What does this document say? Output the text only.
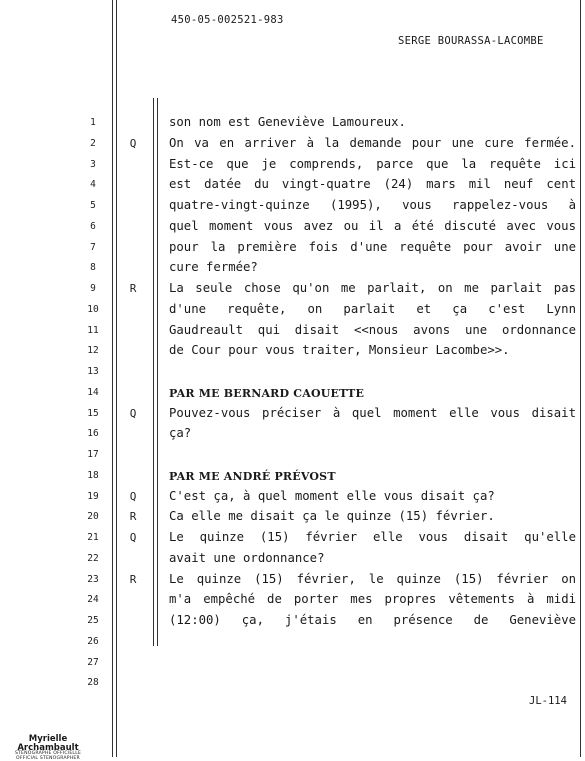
450-05-002521-983
SERGE BOURASSA-LACOMBE
1	son nom est Geneviève Lamoureux.
2	Q	On va en arriver à la demande pour une cure fermée.
3	Est-ce que je comprends, parce que la requête ici
4	est datée du vingt-quatre (24) mars mil neuf cent
5	quatre-vingt-quinze (1995), vous rappelez-vous à
6	quel moment vous avez ou il a été discuté avec vous
7	pour la première fois d'une requête pour avoir une
8	cure fermée?
9	R	La seule chose qu'on me parlait, on me parlait pas
10	d'une requête, on parlait et ça c'est Lynn
11	Gaudreault qui disait <<nous avons une ordonnance
12	de Cour pour vous traiter, Monsieur Lacombe>>.
13
14	PAR ME BERNARD CAOUETTE
15	Q	Pouvez-vous préciser à quel moment elle vous disait
16	ça?
17
18	PAR ME ANDRÉ PRÉVOST
19	Q	C'est ça, à quel moment elle vous disait ça?
20	R	Ca elle me disait ça le quinze (15) février.
21	Q	Le quinze (15) février elle vous disait qu'elle
22	avait une ordonnance?
23	R	Le quinze (15) février, le quinze (15) février on
24	m'a empêché de porter mes propres vêtements à midi
25	(12:00) ça, j'étais en présence de Geneviève
26
27
28
JL-114
Myrielle Archambault
STÉNOGRAPHE OFFICIELLE
OFFICIAL STENOGRAPHER
